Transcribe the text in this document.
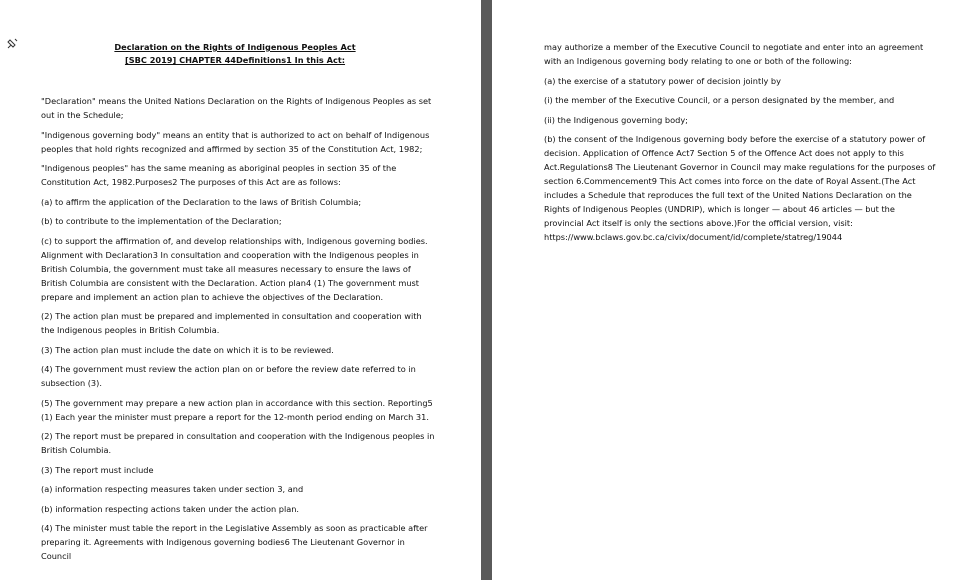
Declaration on the Rights of Indigenous Peoples Act
[SBC 2019] CHAPTER 44Definitions1 In this Act:

"Declaration" means the United Nations Declaration on the Rights of Indigenous Peoples as set out in the Schedule;

"Indigenous governing body" means an entity that is authorized to act on behalf of Indigenous peoples that hold rights recognized and affirmed by section 35 of the Constitution Act, 1982;

"Indigenous peoples" has the same meaning as aboriginal peoples in section 35 of the Constitution Act, 1982.Purposes2 The purposes of this Act are as follows:

(a) to affirm the application of the Declaration to the laws of British Columbia;

(b) to contribute to the implementation of the Declaration;

(c) to support the affirmation of, and develop relationships with, Indigenous governing bodies. Alignment with Declaration3 In consultation and cooperation with the Indigenous peoples in British Columbia, the government must take all measures necessary to ensure the laws of British Columbia are consistent with the Declaration. Action plan4 (1) The government must prepare and implement an action plan to achieve the objectives of the Declaration.

(2) The action plan must be prepared and implemented in consultation and cooperation with the Indigenous peoples in British Columbia.

(3) The action plan must include the date on which it is to be reviewed.

(4) The government must review the action plan on or before the review date referred to in subsection (3).

(5) The government may prepare a new action plan in accordance with this section. Reporting5 (1) Each year the minister must prepare a report for the 12-month period ending on March 31.

(2) The report must be prepared in consultation and cooperation with the Indigenous peoples in British Columbia.

(3) The report must include

(a) information respecting measures taken under section 3, and

(b) information respecting actions taken under the action plan.

(4) The minister must table the report in the Legislative Assembly as soon as practicable after preparing it. Agreements with Indigenous governing bodies6 The Lieutenant Governor in Council

may authorize a member of the Executive Council to negotiate and enter into an agreement with an Indigenous governing body relating to one or both of the following:

(a) the exercise of a statutory power of decision jointly by

(i) the member of the Executive Council, or a person designated by the member, and

(ii) the Indigenous governing body;

(b) the consent of the Indigenous governing body before the exercise of a statutory power of decision. Application of Offence Act7 Section 5 of the Offence Act does not apply to this Act.Regulations8 The Lieutenant Governor in Council may make regulations for the purposes of section 6.Commencement9 This Act comes into force on the date of Royal Assent.(The Act includes a Schedule that reproduces the full text of the United Nations Declaration on the Rights of Indigenous Peoples (UNDRIP), which is longer — about 46 articles — but the provincial Act itself is only the sections above.)For the official version, visit: https://www.bclaws.gov.bc.ca/civix/document/id/complete/statreg/19044
